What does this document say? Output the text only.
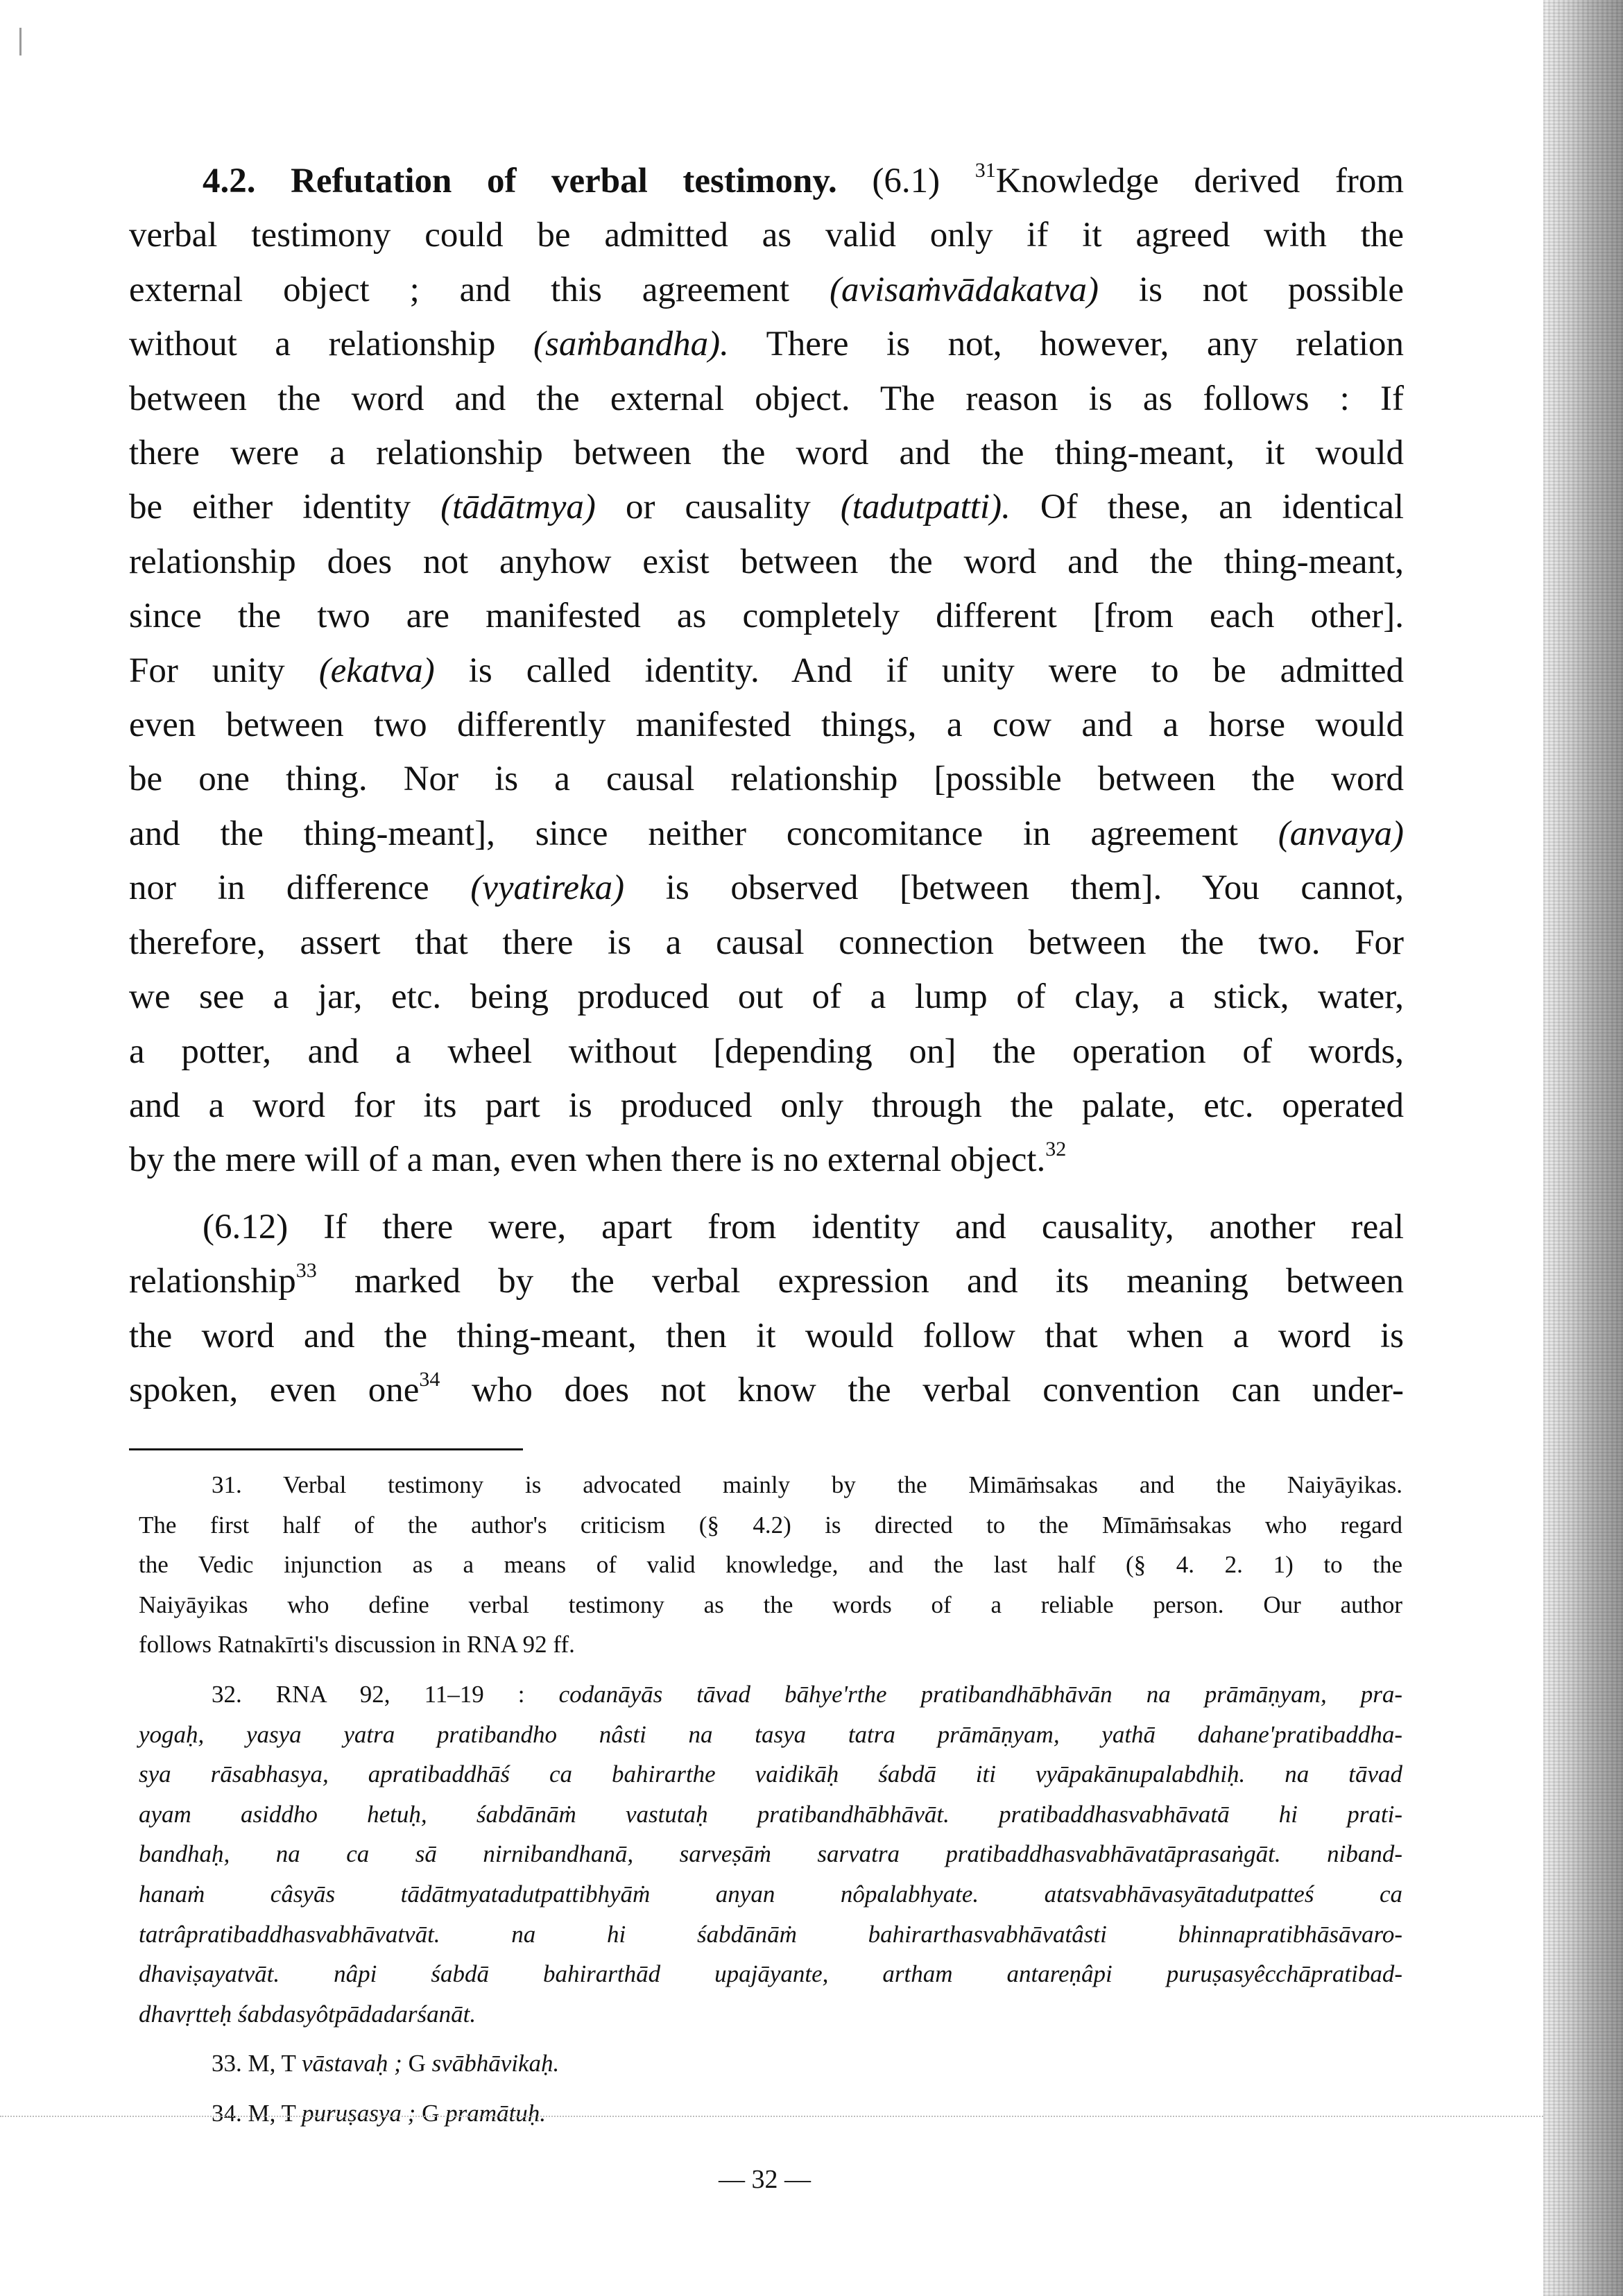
4.2. Refutation of verbal testimony. (6.1) $^{31}$Knowledge derived from

verbal testimony could be admitted as valid only if it agreed with the

external object ; and this agreement (avisaṁvādakatva) is not possible

without a relationship (saṁbandha). There is not, however, any relation

between the word and the external object. The reason is as follows : If

there were a relationship between the word and the thing-meant, it would

be either identity (tādātmya) or causality (tadutpatti). Of these, an identical

relationship does not anyhow exist between the word and the thing-meant,

since the two are manifested as completely different [from each other].

For unity (ekatva) is called identity. And if unity were to be admitted

even between two differently manifested things, a cow and a horse would

be one thing. Nor is a causal relationship [possible between the word

and the thing-meant], since neither concomitance in agreement (anvaya)

nor in difference (vyatireka) is observed [between them]. You cannot,

therefore, assert that there is a causal connection between the two. For

we see a jar, etc. being produced out of a lump of clay, a stick, water,

a potter, and a wheel without [depending on] the operation of words,

and a word for its part is produced only through the palate, etc. operated

by the mere will of a man, even when there is no external object.$^{32}$

(6.12) If there were, apart from identity and causality, another real

relationship$^{33}$ marked by the verbal expression and its meaning between

the word and the thing-meant, then it would follow that when a word is

spoken, even one$^{34}$ who does not know the verbal convention can under-

31. Verbal testimony is advocated mainly by the Mimāṁsakas and the Naiyāyikas.

The first half of the author's criticism (§ 4.2) is directed to the Mīmāṁsakas who regard

the Vedic injunction as a means of valid knowledge, and the last half (§ 4. 2. 1) to the

Naiyāyikas who define verbal testimony as the words of a reliable person. Our author

follows Ratnakīrti's discussion in RNA 92 ff.

32. RNA 92, 11–19 : codanāyās tāvad bāhye'rthe pratibandhābhāvān na prāmāṇyam, pra-

yogaḥ, yasya yatra pratibandho nâsti na tasya tatra prāmāṇyam, yathā dahane'pratibaddha-

sya rāsabhasya, apratibaddhāś ca bahirarthe vaidikāḥ śabdā iti vyāpakānupalabdhiḥ. na tāvad

ayam asiddho hetuḥ, śabdānāṁ vastutaḥ pratibandhābhāvāt. pratibaddhasvabhāvatā hi prati-

bandhaḥ, na ca sā nirnibandhanā, sarveṣāṁ sarvatra pratibaddhasvabhāvatāprasaṅgāt. niband-

hanaṁ câsyās tādātmyatadutpattibhyāṁ anyan nôpalabhyate. atatsvabhāvasyātadutpatteś ca

tatrâpratibaddhasvabhāvatvāt. na hi śabdānāṁ bahirarthasvabhāvatâsti bhinnapratibhāsāvaro-

dhaviṣayatvāt. nâpi śabdā bahirarthād upajāyante, artham antareṇâpi puruṣasyêcchāpratibad-

dhavṛtteḥ śabdasyôtpādadarśanāt.

33. M, T vāstavaḥ ; G svābhāvikaḥ.

34. M, T puruṣasya ; G pramātuḥ.

— 32 —
